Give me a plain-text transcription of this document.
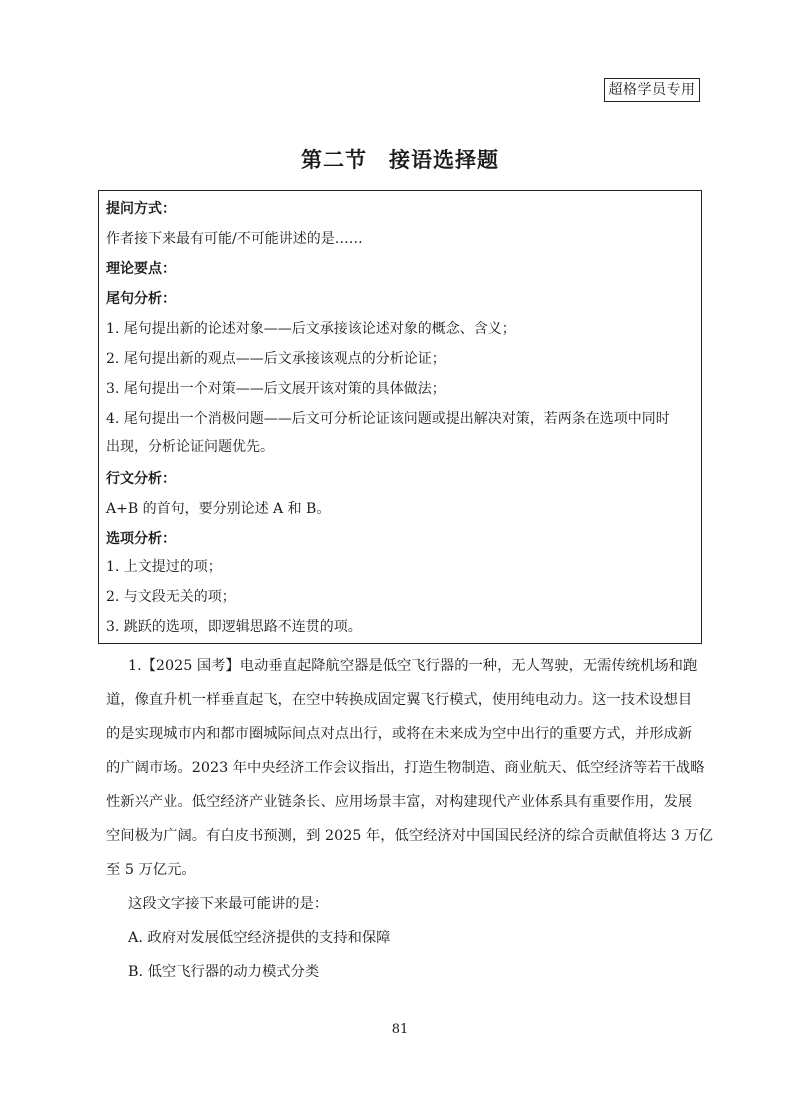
超格学员专用
第二节　接语选择题
提问方式：
作者接下来最有可能/不可能讲述的是……
理论要点：
尾句分析：
1. 尾句提出新的论述对象——后文承接该论述对象的概念、含义；
2. 尾句提出新的观点——后文承接该观点的分析论证；
3. 尾句提出一个对策——后文展开该对策的具体做法；
4. 尾句提出一个消极问题——后文可分析论证该问题或提出解决对策，若两条在选项中同时
出现，分析论证问题优先。
行文分析：
A+B 的首句，要分别论述 A 和 B。
选项分析：
1. 上文提过的项；
2. 与文段无关的项；
3. 跳跃的选项，即逻辑思路不连贯的项。
1.【2025 国考】电动垂直起降航空器是低空飞行器的一种，无人驾驶，无需传统机场和跑
道，像直升机一样垂直起飞，在空中转换成固定翼飞行模式，使用纯电动力。这一技术设想目
的是实现城市内和都市圈城际间点对点出行，或将在未来成为空中出行的重要方式，并形成新
的广阔市场。2023 年中央经济工作会议指出，打造生物制造、商业航天、低空经济等若干战略
性新兴产业。低空经济产业链条长、应用场景丰富，对构建现代产业体系具有重要作用，发展
空间极为广阔。有白皮书预测，到 2025 年，低空经济对中国国民经济的综合贡献值将达 3 万亿
至 5 万亿元。
这段文字接下来最可能讲的是：
A. 政府对发展低空经济提供的支持和保障
B. 低空飞行器的动力模式分类
81
